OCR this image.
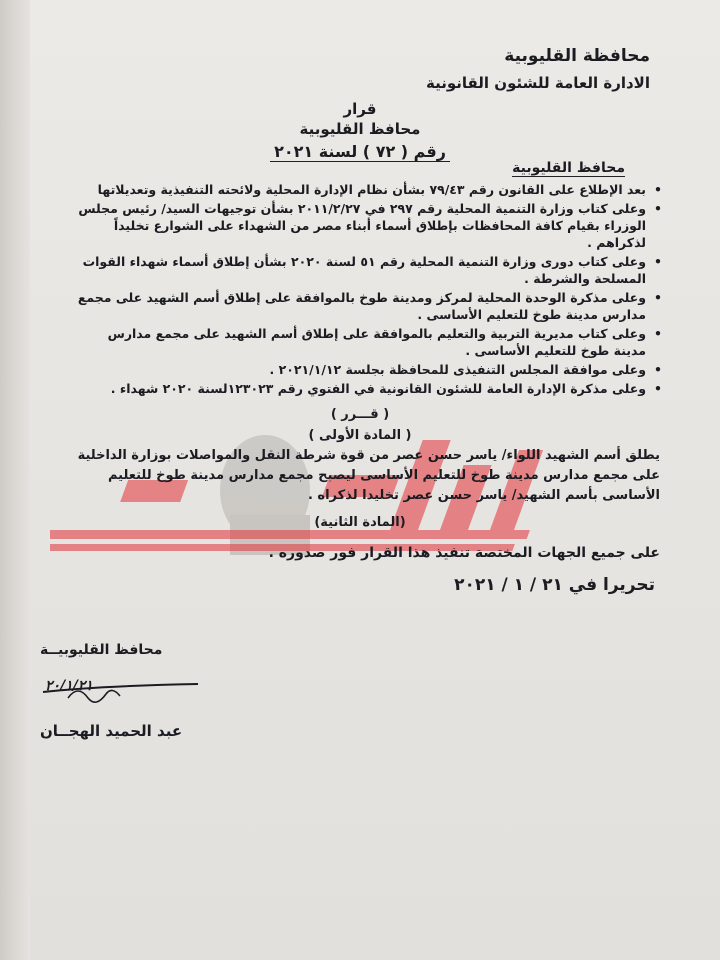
محافظة القليوبية
الادارة العامة للشئون القانونية
قرار
محافظ القليوبية
رقم ( ٧٢ ) لسنة ٢٠٢١
محافظ القليوبية
• بعد الإطلاع على القانون رقم ٧٩/٤٣ بشأن نظام الإدارة المحلية ولائحته التنفيذية وتعديلاتها
• وعلى كتاب وزارة التنمية المحلية رقم ٢٩٧ في ٢٠١١/٢/٢٧ بشأن توجيهات السيد/ رئيس مجلس الوزراء بقيام كافة المحافظات بإطلاق أسماء أبناء مصر من الشهداء على الشوارع تخليداً لذكراهم .
• وعلى كتاب دورى وزارة التنمية المحلية رقم ٥١ لسنة ٢٠٢٠ بشأن إطلاق أسماء شهداء القوات المسلحة والشرطة .
• وعلى مذكرة الوحدة المحلية لمركز ومدينة طوخ بالموافقة على إطلاق أسم الشهيد على مجمع مدارس مدينة طوخ للتعليم الأساسى .
• وعلى كتاب مديرية التربية والتعليم بالموافقة على إطلاق أسم الشهيد على مجمع مدارس مدينة طوخ للتعليم الأساسى .
• وعلى موافقة المجلس التنفيذى للمحافظة بجلسة ٢٠٢١/١/١٢ .
• وعلى مذكرة الإدارة العامة للشئون القانونية في الفتوي رقم ١٢٣٠٢٣لسنة ٢٠٢٠ شهداء .
( قـــرر )
( المادة الأولى )
يطلق أسم الشهيد اللواء/ ياسر حسن عصر من قوة شرطة النقل والمواصلات بوزارة الداخلية على مجمع مدارس مدينة طوخ للتعليم الأساسى ليصبح مجمع مدارس مدينة طوخ للتعليم الأساسى بأسم الشهيد/ ياسر حسن عصر تخليدا لذكراه .
(المادة الثانية)
على جميع الجهات المختصة تنفيذ هذا القرار فور صدوره .
تحريرا في ٢١ / ١ / ٢٠٢١
محافظ القليوبيــة
٢٠/١/٢١
عبد الحميد الهجــان
